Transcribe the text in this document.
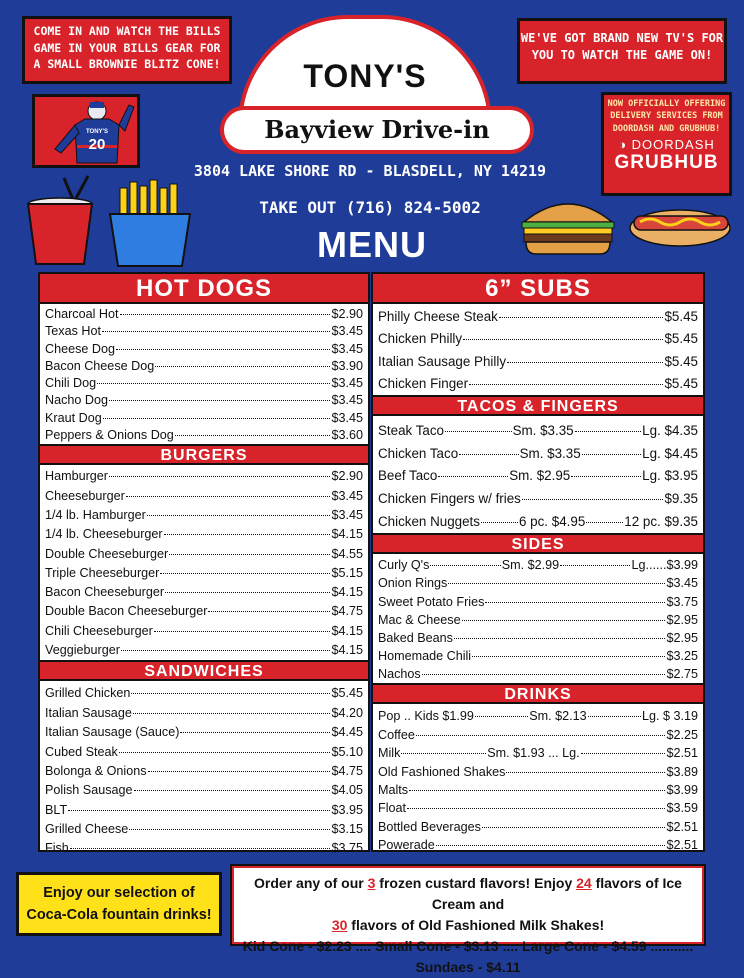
COME IN AND WATCH THE BILLS
GAME IN YOUR BILLS GEAR FOR
A SMALL BROWNIE BLITZ CONE!
WE'VE GOT BRAND NEW TV'S FOR
YOU TO WATCH THE GAME ON!
TONY'S
Bayview Drive-in
TONY'S
20
NOW OFFICIALLY OFFERING
DELIVERY SERVICES FROM
DOORDASH AND GRUBHUB!
◑ DOORDASH
GRUBHUB
3804 LAKE SHORE RD - BLASDELL, NY 14219
TAKE OUT (716) 824-5002
MENU
HOT DOGS
Charcoal Hot	$2.90
Texas Hot	$3.45
Cheese Dog	$3.45
Bacon Cheese Dog	$3.90
Chili Dog	$3.45
Nacho Dog	$3.45
Kraut Dog	$3.45
Peppers & Onions Dog	$3.60
BURGERS
Hamburger	$2.90
Cheeseburger	$3.45
1/4 lb. Hamburger	$3.45
1/4 lb. Cheeseburger	$4.15
Double Cheeseburger	$4.55
Triple Cheeseburger	$5.15
Bacon Cheeseburger	$4.15
Double Bacon Cheeseburger	$4.75
Chili Cheeseburger	$4.15
Veggieburger	$4.15
SANDWICHES
Grilled Chicken	$5.45
Italian Sausage	$4.20
Italian Sausage (Sauce)	$4.45
Cubed Steak	$5.10
Bolonga & Onions	$4.75
Polish Sausage	$4.05
BLT	$3.95
Grilled Cheese	$3.15
Fish	$3.75
6” SUBS
Philly Cheese Steak	$5.45
Chicken Philly	$5.45
Italian Sausage Philly	$5.45
Chicken Finger	$5.45
TACOS & FINGERS
Steak Taco	Sm. $3.35	Lg. $4.35
Chicken Taco	Sm. $3.35	Lg. $4.45
Beef Taco	Sm. $2.95	Lg. $3.95
Chicken Fingers w/ fries	$9.35
Chicken Nuggets	6 pc. $4.95	12 pc. $9.35
SIDES
Curly Q's	Sm. $2.99	Lg......$3.99
Onion Rings	$3.45
Sweet Potato Fries	$3.75
Mac & Cheese	$2.95
Baked Beans	$2.95
Homemade Chili	$3.25
Nachos	$2.75
DRINKS
Pop .. Kids $1.99	Sm. $2.13	Lg. $ 3.19
Coffee	$2.25
Milk	Sm. $1.93 ... Lg.	$2.51
Old Fashioned Shakes	$3.89
Malts	$3.99
Float	$3.59
Bottled Beverages	$2.51
Powerade	$2.51
Enjoy our selection of
Coca-Cola fountain drinks!
Order any of our 3 frozen custard flavors! Enjoy 24 flavors of Ice Cream and
30 flavors of Old Fashioned Milk Shakes!
Kid Cone - $2.23 .... Small Cone - $3.13 .... Large Cone - $4.59 ........... Sundaes - $4.11
